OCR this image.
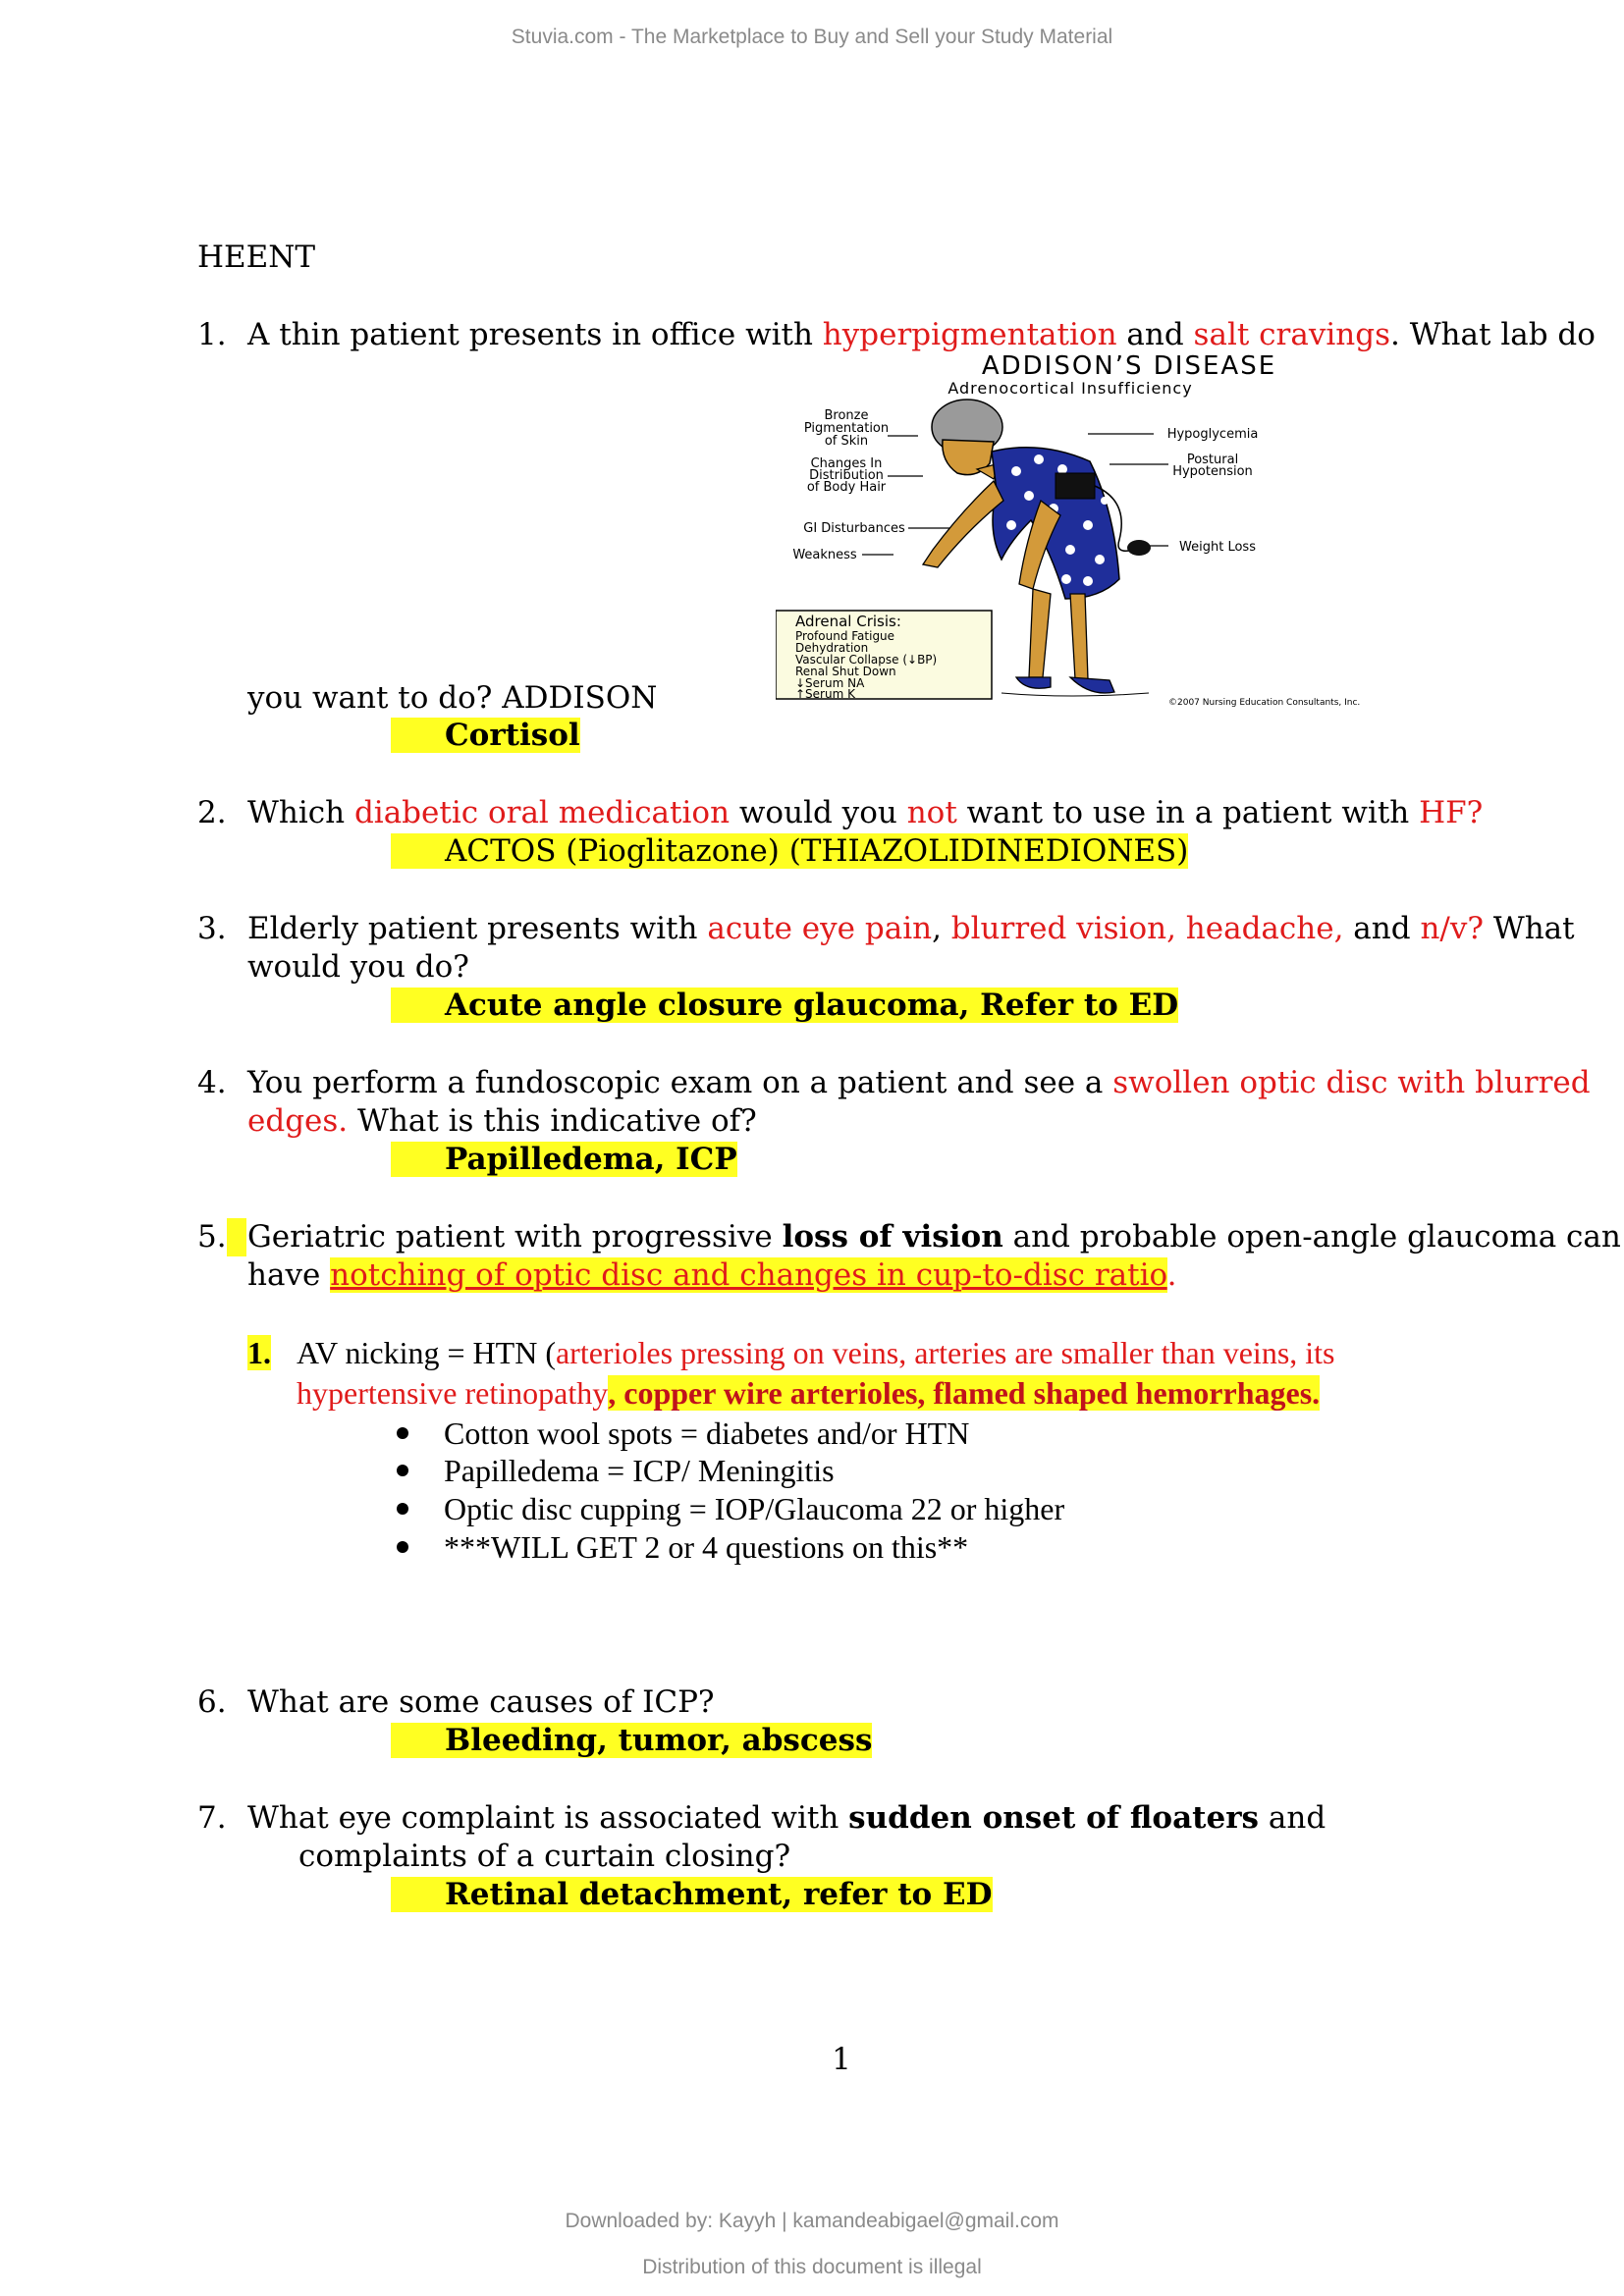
Stuvia.com - The Marketplace to Buy and Sell your Study Material
HEENT
1. A thin patient presents in office with hyperpigmentation and salt cravings. What lab do
you want to do? ADDISON
Cortisol
ADDISON’S DISEASE
Adrenocortical Insufficiency
Bronze
Pigmentation
of Skin
Changes In
Distribution
of Body Hair
GI Disturbances
Weakness
Hypoglycemia
Postural
Hypotension
Weight Loss
Adrenal Crisis:
Profound Fatigue
Dehydration
Vascular Collapse (↓BP)
Renal Shut Down
↓Serum NA
↑Serum K
©2007 Nursing Education Consultants, Inc.
2. Which diabetic oral medication would you not want to use in a patient with HF?
ACTOS (Pioglitazone) (THIAZOLIDINEDIONES)
3. Elderly patient presents with acute eye pain, blurred vision, headache, and n/v? What
would you do?
Acute angle closure glaucoma, Refer to ED
4. You perform a fundoscopic exam on a patient and see a swollen optic disc with blurred
edges. What is this indicative of?
Papilledema, ICP
5. Geriatric patient with progressive loss of vision and probable open-angle glaucoma can
have notching of optic disc and changes in cup-to-disc ratio.
1. AV nicking = HTN (arterioles pressing on veins, arteries are smaller than veins, its
hypertensive retinopathy, copper wire arterioles, flamed shaped hemorrhages.
Cotton wool spots = diabetes and/or HTN
Papilledema = ICP/ Meningitis
Optic disc cupping = IOP/Glaucoma 22 or higher
***WILL GET 2 or 4 questions on this**
6. What are some causes of ICP?
Bleeding, tumor, abscess
7. What eye complaint is associated with sudden onset of floaters and
complaints of a curtain closing?
Retinal detachment, refer to ED
1
Downloaded by: Kayyh | kamandeabigael@gmail.com
Distribution of this document is illegal
